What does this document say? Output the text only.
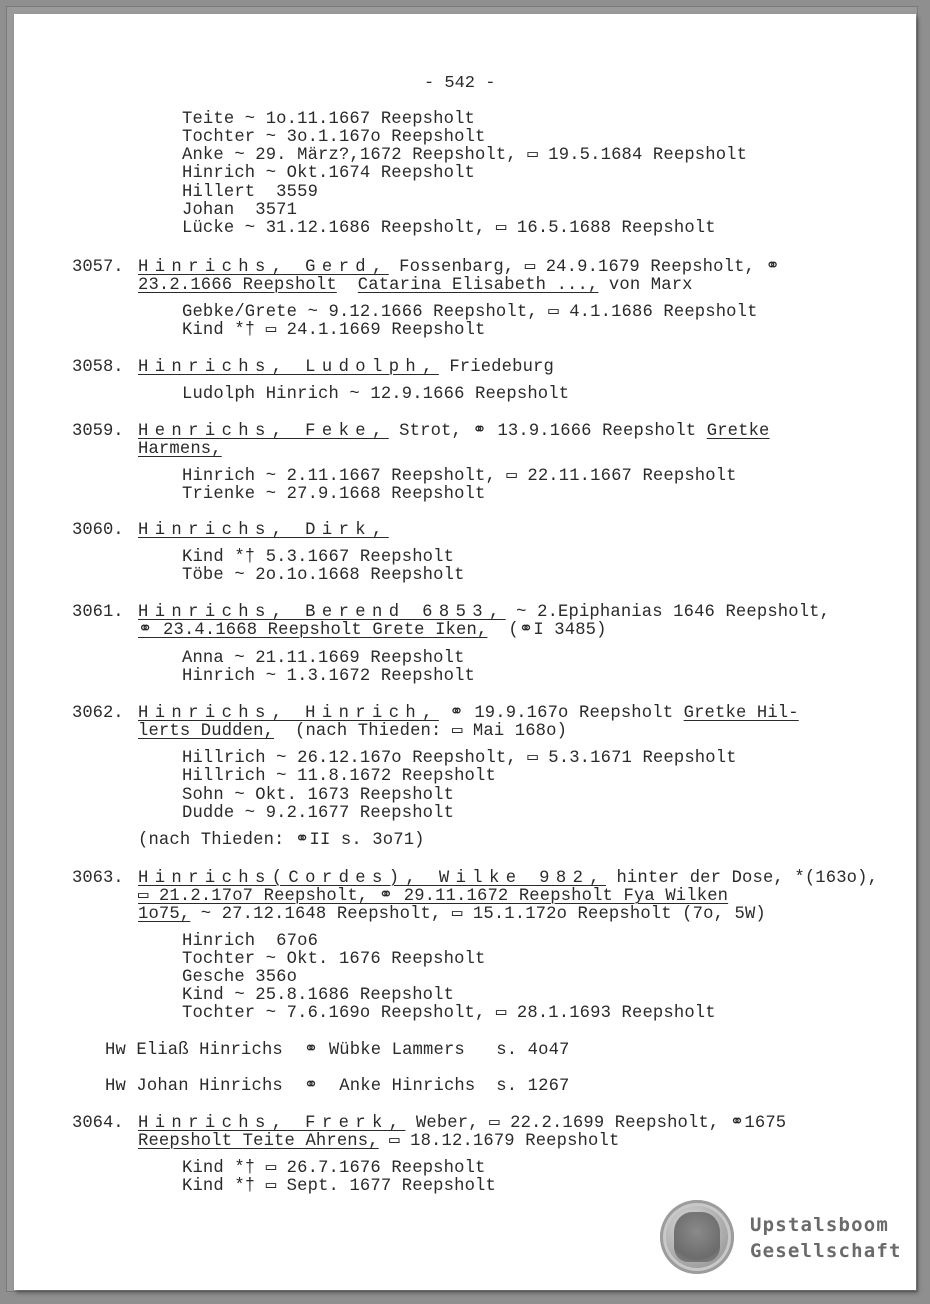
- 542 -
Teite ~ 1o.11.1667 Reepsholt
Tochter ~ 3o.1.167o Reepsholt
Anke ~ 29. März?,1672 Reepsholt, ▭ 19.5.1684 Reepsholt
Hinrich ~ Okt.1674 Reepsholt
Hillert  3559
Johan  3571
Lücke ~ 31.12.1686 Reepsholt, ▭ 16.5.1688 Reepsholt
3057. Hinrichs, Gerd, Fossenbarg, ▭ 24.9.1679 Reepsholt, ⚭
23.2.1666 Reepsholt Catarina Elisabeth ..., von Marx
Gebke/Grete ~ 9.12.1666 Reepsholt, ▭ 4.1.1686 Reepsholt
Kind *† ▭ 24.1.1669 Reepsholt
3058. Hinrichs, Ludolph, Friedeburg
Ludolph Hinrich ~ 12.9.1666 Reepsholt
3059. Henrichs, Feke, Strot, ⚭ 13.9.1666 Reepsholt Gretke
Harmens,
Hinrich ~ 2.11.1667 Reepsholt, ▭ 22.11.1667 Reepsholt
Trienke ~ 27.9.1668 Reepsholt
3060. Hinrichs, Dirk,
Kind *† 5.3.1667 Reepsholt
Töbe ~ 2o.1o.1668 Reepsholt
3061. Hinrichs, Berend 6853, ~ 2.Epiphanias 1646 Reepsholt,
⚭ 23.4.1668 Reepsholt Grete Iken,  (⚭I 3485)
Anna ~ 21.11.1669 Reepsholt
Hinrich ~ 1.3.1672 Reepsholt
3062. Hinrichs, Hinrich, ⚭ 19.9.167o Reepsholt Gretke Hil-
lerts Dudden,  (nach Thieden: ▭ Mai 168o)
Hillrich ~ 26.12.167o Reepsholt, ▭ 5.3.1671 Reepsholt
Hillrich ~ 11.8.1672 Reepsholt
Sohn ~ Okt. 1673 Reepsholt
Dudde ~ 9.2.1677 Reepsholt
(nach Thieden: ⚭II s. 3o71)
3063. Hinrichs(Cordes), Wilke 982, hinter der Dose, *(163o),
▭ 21.2.17o7 Reepsholt, ⚭ 29.11.1672 Reepsholt Fya Wilken
1o75, ~ 27.12.1648 Reepsholt, ▭ 15.1.172o Reepsholt (7o, 5W)
Hinrich  67o6
Tochter ~ Okt. 1676 Reepsholt
Gesche 356o
Kind ~ 25.8.1686 Reepsholt
Tochter ~ 7.6.169o Reepsholt, ▭ 28.1.1693 Reepsholt
Hw Eliaß Hinrichs  ⚭ Wübke Lammers   s. 4o47
Hw Johan Hinrichs  ⚭  Anke Hinrichs  s. 1267
3064. Hinrichs, Frerk, Weber, ▭ 22.2.1699 Reepsholt, ⚭1675
Reepsholt Teite Ahrens, ▭ 18.12.1679 Reepsholt
Kind *† ▭ 26.7.1676 Reepsholt
Kind *† ▭ Sept. 1677 Reepsholt
Upstalsboom
Gesellschaft
